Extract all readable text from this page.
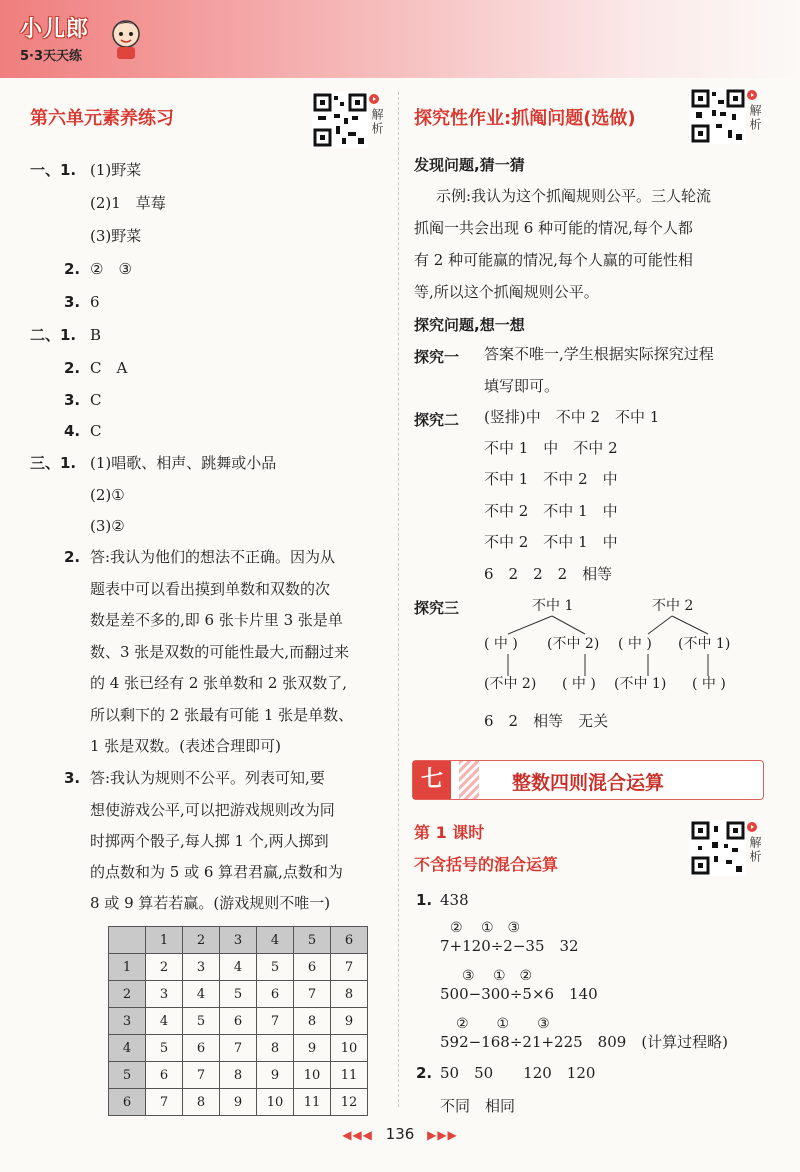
小儿郎
5·3天天练
第六单元素养练习	解析
一、1. (1)野菜
(2)1　草莓
(3)野菜
2. ②　③
3. 6
二、1. B
2. C　A
3. C
4. C
三、1. (1)唱歌、相声、跳舞或小品
(2)①
(3)②
2. 答:我认为他们的想法不正确。因为从
题表中可以看出摸到单数和双数的次
数是差不多的,即 6 张卡片里 3 张是单
数、3 张是双数的可能性最大,而翻过来
的 4 张已经有 2 张单数和 2 张双数了,
所以剩下的 2 张最有可能 1 张是单数、
1 张是双数。(表述合理即可)
3. 答:我认为规则不公平。列表可知,要
想使游戏公平,可以把游戏规则改为同
时掷两个骰子,每人掷 1 个,两人掷到
的点数和为 5 或 6 算君君赢,点数和为
8 或 9 算若若赢。(游戏规则不唯一)
	1	2	3	4	5	6
1	2	3	4	5	6	7
2	3	4	5	6	7	8
3	4	5	6	7	8	9
4	5	6	7	8	9	10
5	6	7	8	9	10	11
6	7	8	9	10	11	12
探究性作业:抓阄问题(选做)	解析
发现问题,猜一猜
示例:我认为这个抓阄规则公平。三人轮流
抓阄一共会出现 6 种可能的情况,每个人都
有 2 种可能赢的情况,每个人赢的可能性相
等,所以这个抓阄规则公平。
探究问题,想一想
探究一 答案不唯一,学生根据实际探究过程
填写即可。
探究二 (竖排)中　不中 2　不中 1
不中 1　中　不中 2
不中 1　不中 2　中
不中 2　不中 1　中
不中 2　不中 1　中
6　2　2　2　相等
探究三	不中 1	不中 2
( 中 ) (不中 2) ( 中 ) (不中 1)
(不中 2) ( 中 ) (不中 1) ( 中 )
6　2　相等　无关
七	整数四则混合运算
第 1 课时
不含括号的混合运算
解析
1. 438
②　 ①　③
7+120÷2−35　32
③　 ①　②
500−300÷5×6　140
②　　①　　③
592−168÷21+225　809　(计算过程略)
2. 50　50　　120　120
不同　相同
◀◀◀ 136 ▶▶▶
